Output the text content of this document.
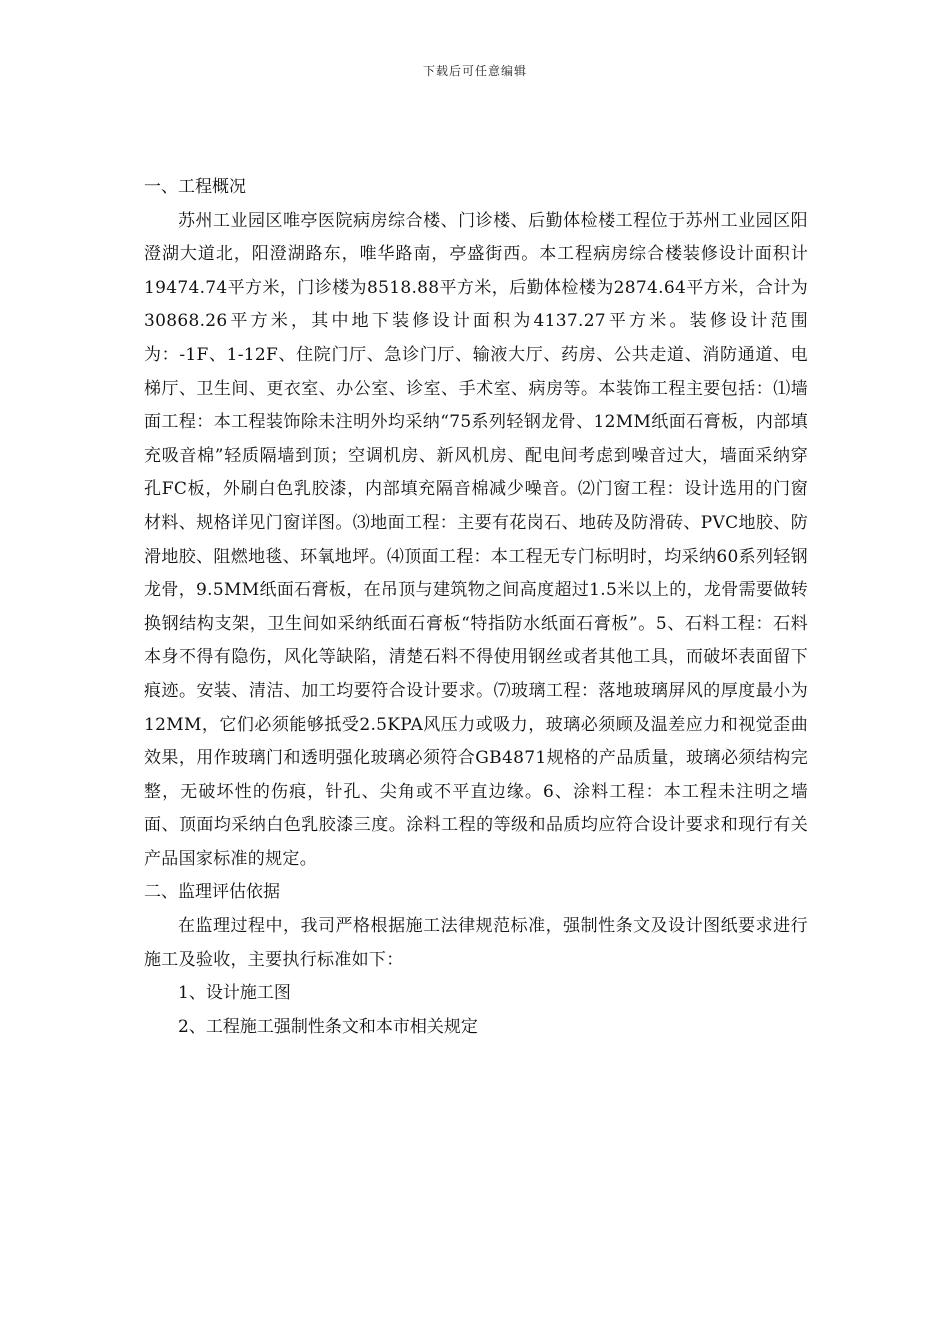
下载后可任意编辑

一、工程概况

苏州工业园区唯亭医院病房综合楼、门诊楼、后勤体检楼工程位于苏州工业园区阳澄湖大道北，阳澄湖路东，唯华路南，亭盛街西。本工程病房综合楼装修设计面积计19474.74平方米，门诊楼为8518.88平方米，后勤体检楼为2874.64平方米，合计为30868.26平方米，其中地下装修设计面积为4137.27平方米。装修设计范围为：-1F、1-12F、住院门厅、急诊门厅、输液大厅、药房、公共走道、消防通道、电梯厅、卫生间、更衣室、办公室、诊室、手术室、病房等。本装饰工程主要包括：⑴墙面工程：本工程装饰除未注明外均采纳“75系列轻钢龙骨、12MM纸面石膏板，内部填充吸音棉”轻质隔墙到顶；空调机房、新风机房、配电间考虑到噪音过大，墙面采纳穿孔FC板，外刷白色乳胶漆，内部填充隔音棉减少噪音。⑵门窗工程：设计选用的门窗材料、规格详见门窗详图。⑶地面工程：主要有花岗石、地砖及防滑砖、PVC地胶、防滑地胶、阻燃地毯、环氧地坪。⑷顶面工程：本工程无专门标明时，均采纳60系列轻钢龙骨，9.5MM纸面石膏板，在吊顶与建筑物之间高度超过1.5米以上的，龙骨需要做转换钢结构支架，卫生间如采纳纸面石膏板“特指防水纸面石膏板”。5、石料工程：石料本身不得有隐伤，风化等缺陷，清楚石料不得使用钢丝或者其他工具，而破坏表面留下痕迹。安装、清洁、加工均要符合设计要求。⑺玻璃工程：落地玻璃屏风的厚度最小为12MM，它们必须能够抵受2.5KPA风压力或吸力，玻璃必须顾及温差应力和视觉歪曲效果，用作玻璃门和透明强化玻璃必须符合GB4871规格的产品质量，玻璃必须结构完整，无破坏性的伤痕，针孔、尖角或不平直边缘。6、涂料工程：本工程未注明之墙面、顶面均采纳白色乳胶漆三度。涂料工程的等级和品质均应符合设计要求和现行有关产品国家标准的规定。

二、监理评估依据

在监理过程中，我司严格根据施工法律规范标准，强制性条文及设计图纸要求进行施工及验收，主要执行标准如下：

1、设计施工图

2、工程施工强制性条文和本市相关规定
